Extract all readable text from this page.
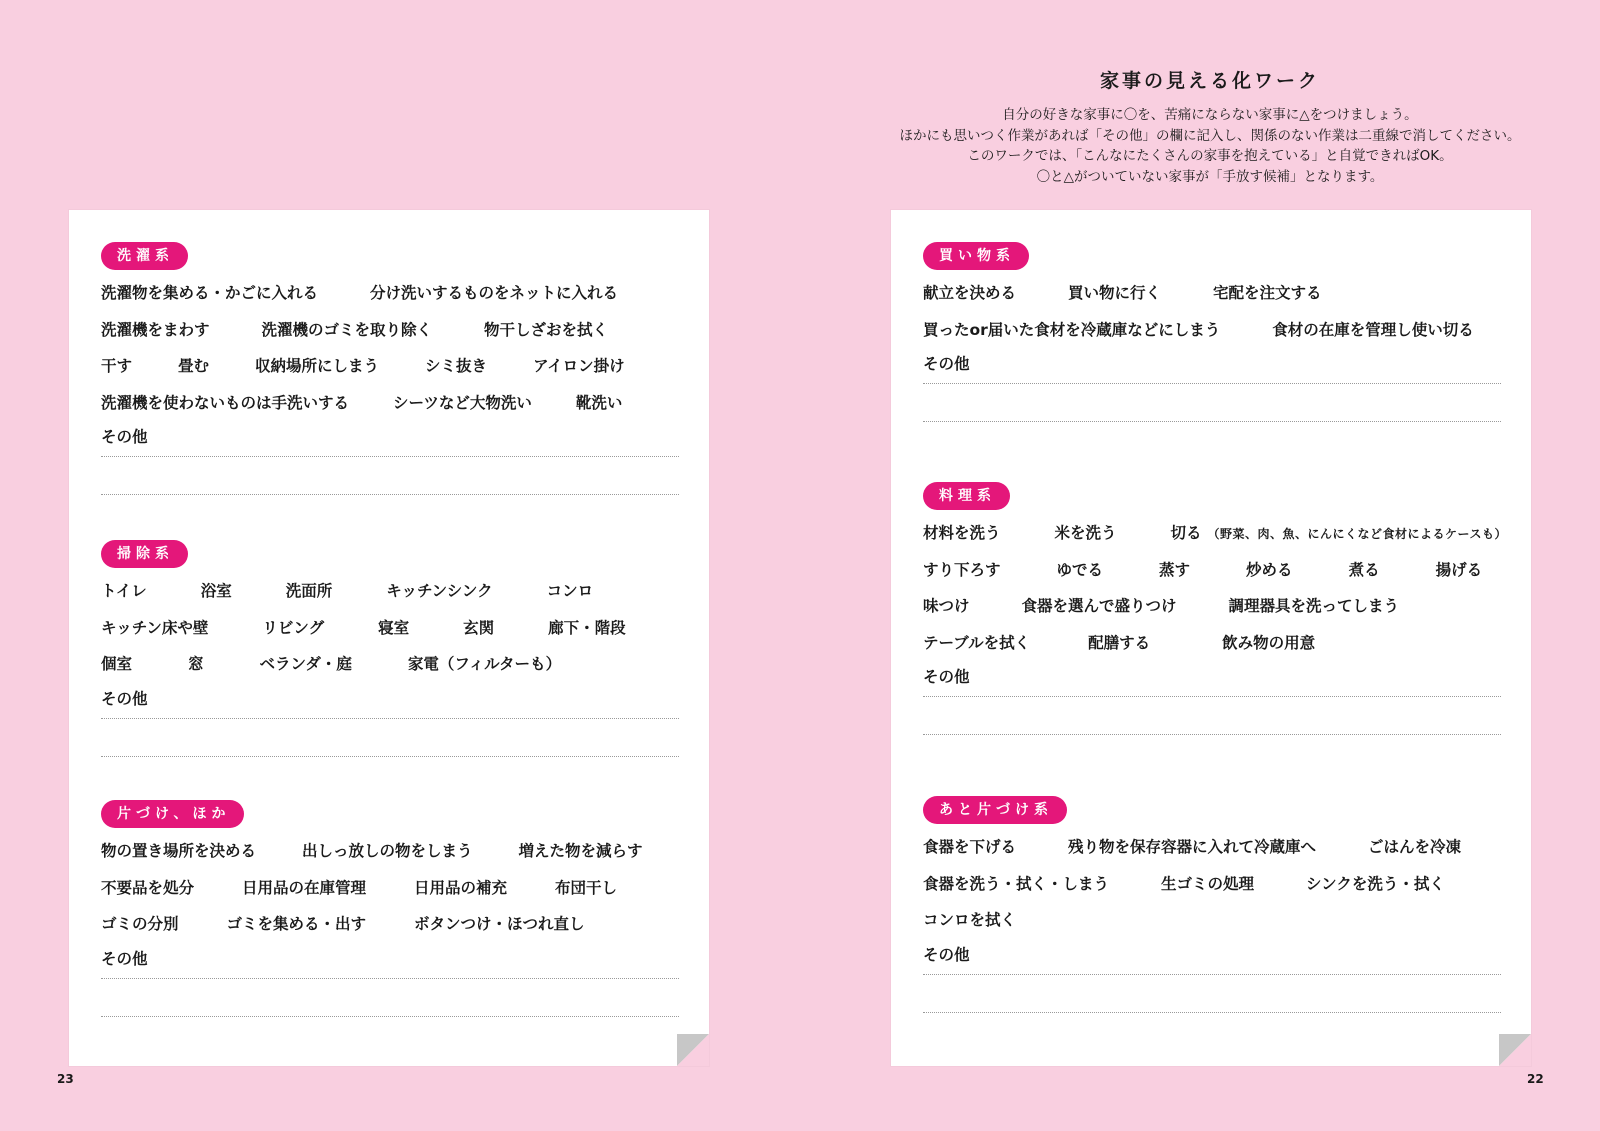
家事の見える化ワーク

自分の好きな家事に〇を、苦痛にならない家事に△をつけましょう。

ほかにも思いつく作業があれば「その他」の欄に記入し、関係のない作業は二重線で消してください。

このワークでは、「こんなにたくさんの家事を抱えている」と自覚できればOK。

〇と△がついていない家事が「手放す候補」となります。

洗濯系
洗濯物を集める・かごに入れる	分け洗いするものをネットに入れる
洗濯機をまわす	洗濯機のゴミを取り除く	物干しざおを拭く
干す	畳む	収納場所にしまう	シミ抜き	アイロン掛け
洗濯機を使わないものは手洗いする	シーツなど大物洗い	靴洗い
その他
掃除系
トイレ	浴室	洗面所	キッチンシンク	コンロ
キッチン床や壁	リビング	寝室	玄関	廊下・階段
個室	窓	ベランダ・庭	家電（フィルターも）
その他
片づけ、ほか
物の置き場所を決める	出しっ放しの物をしまう	増えた物を減らす
不要品を処分	日用品の在庫管理	日用品の補充	布団干し
ゴミの分別	ゴミを集める・出す	ボタンつけ・ほつれ直し
その他
買い物系
献立を決める	買い物に行く	宅配を注文する
買ったor届いた食材を冷蔵庫などにしまう	食材の在庫を管理し使い切る
その他
料理系
材料を洗う	米を洗う	切る （野菜、肉、魚、にんにくなど食材によるケースも）
すり下ろす	ゆでる	蒸す	炒める	煮る	揚げる
味つけ	食器を選んで盛りつけ	調理器具を洗ってしまう
テーブルを拭く	配膳する	飲み物の用意
その他
あと片づけ系
食器を下げる	残り物を保存容器に入れて冷蔵庫へ	ごはんを冷凍
食器を洗う・拭く・しまう	生ゴミの処理	シンクを洗う・拭く
コンロを拭く
その他
23	22
